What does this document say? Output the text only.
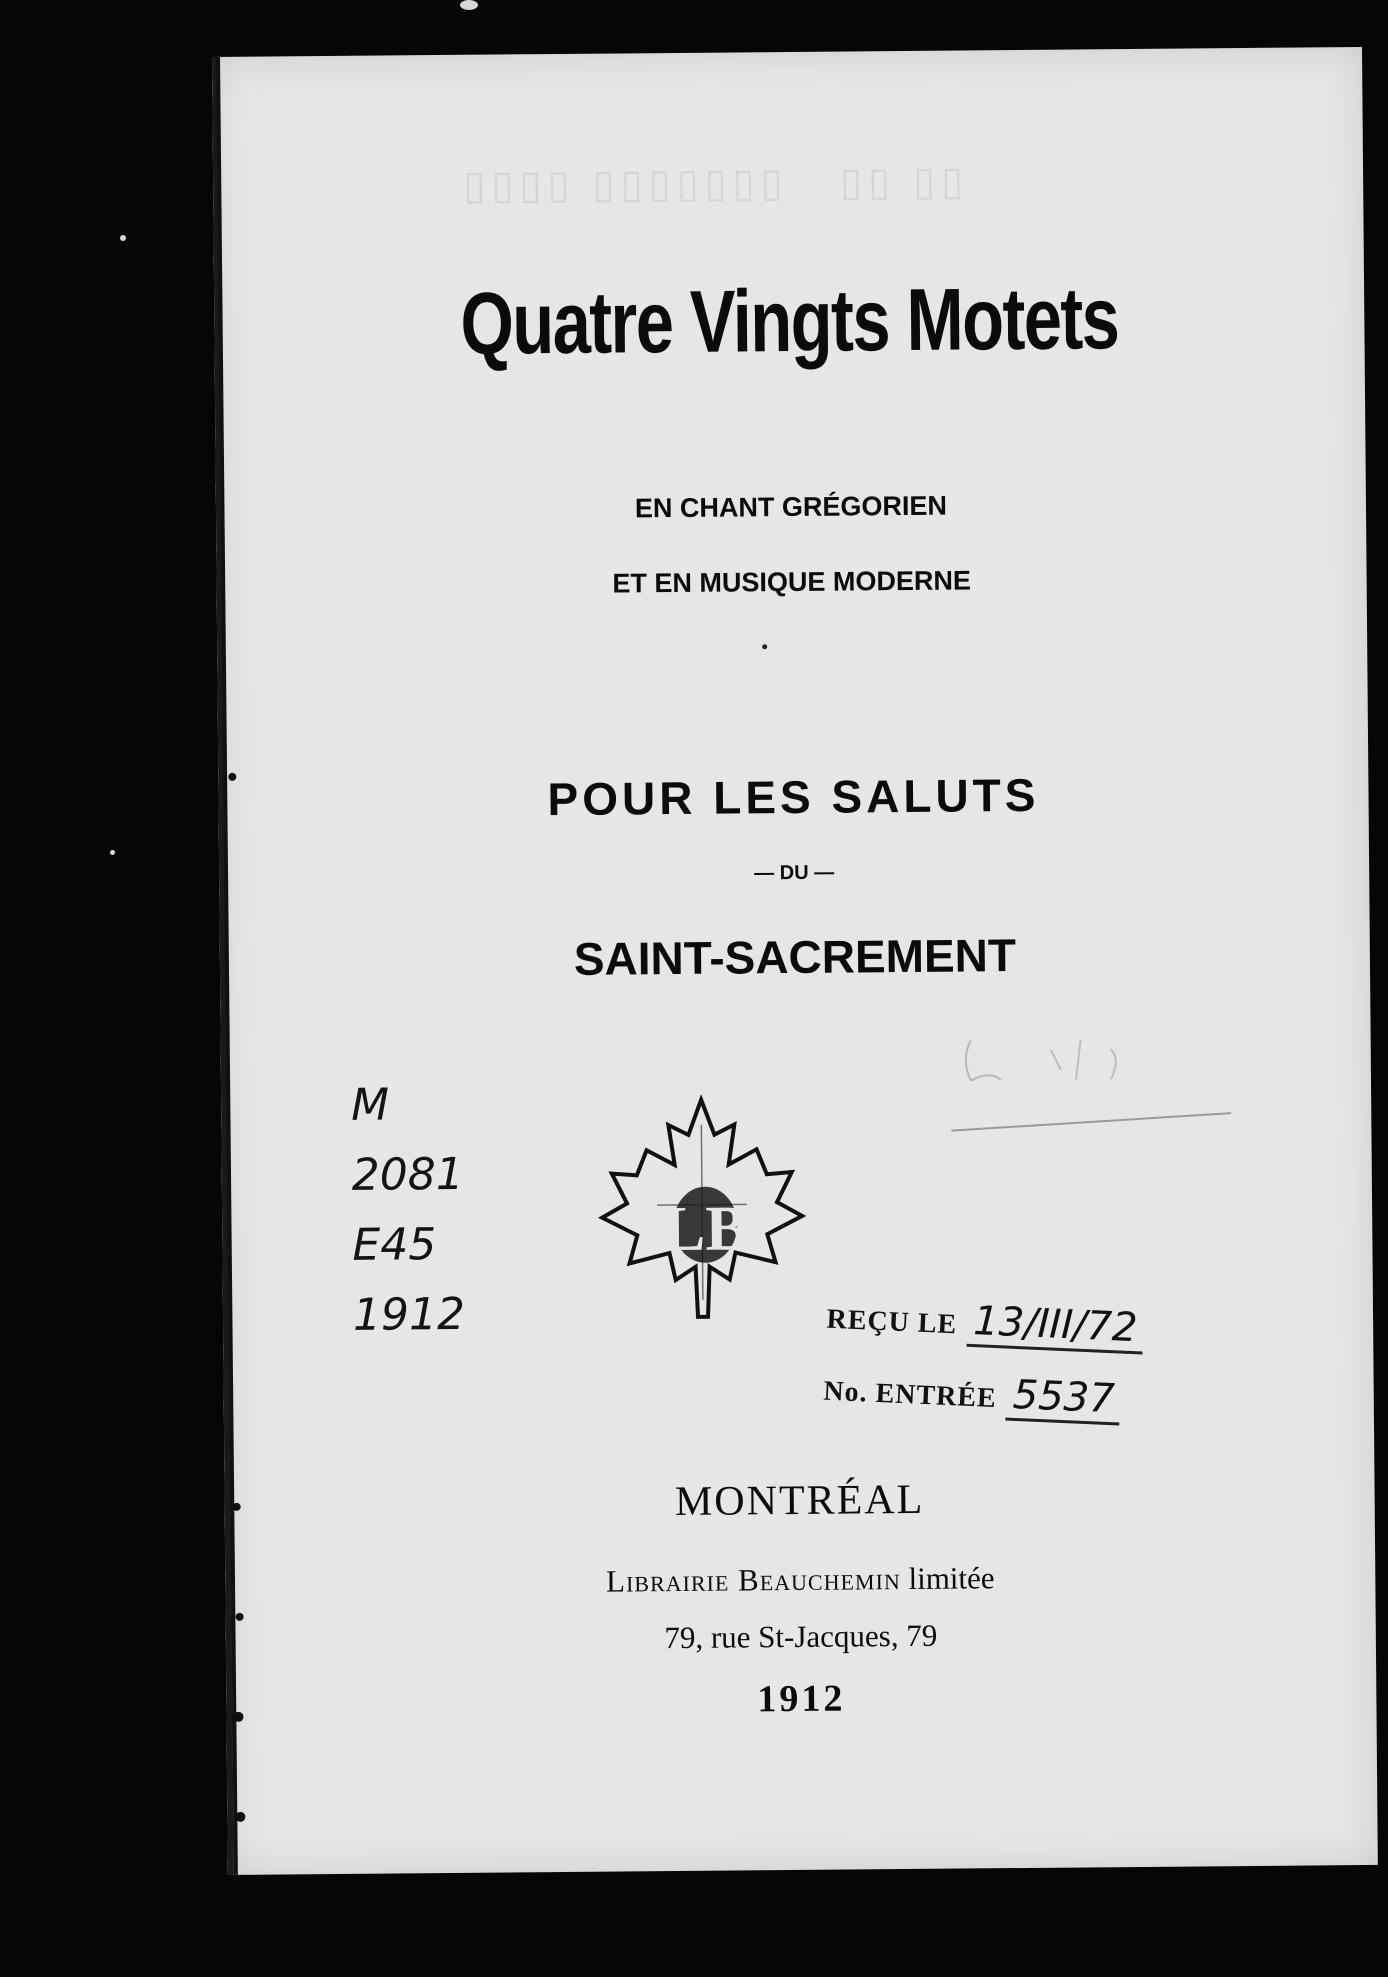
▯▯ ▯▯   ▯▯▯▯▯▯▯ ▯▯▯▯
Quatre Vingts Motets
EN CHANT GRÉGORIEN
ET EN MUSIQUE MODERNE
POUR LES SALUTS
— DU —
SAINT-SACREMENT
M
2081
E45
1912
LB
REÇU LE 13/III/72
No. ENTRÉE 5537
MONTRÉAL
Librairie Beauchemin limitée
79, rue St-Jacques, 79
1912
